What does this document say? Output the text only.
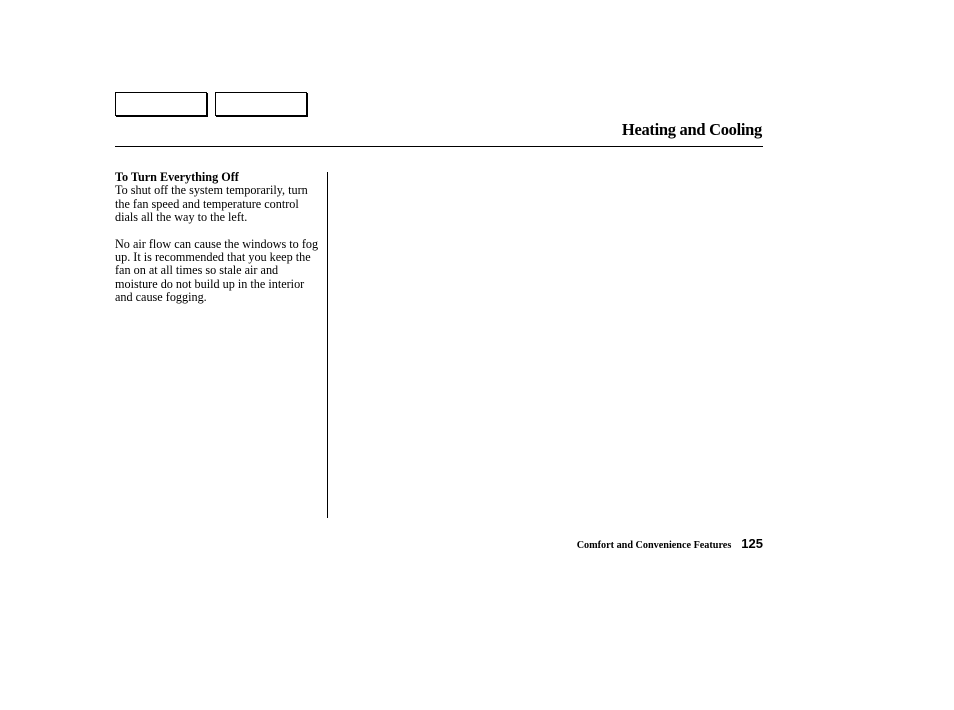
Heating and Cooling

To Turn Everything Off

To shut off the system temporarily, turn the fan speed and temperature control dials all the way to the left.

No air flow can cause the windows to fog up. It is recommended that you keep the fan on at all times so stale air and moisture do not build up in the interior and cause fogging.

Comfort and Convenience Features 125
